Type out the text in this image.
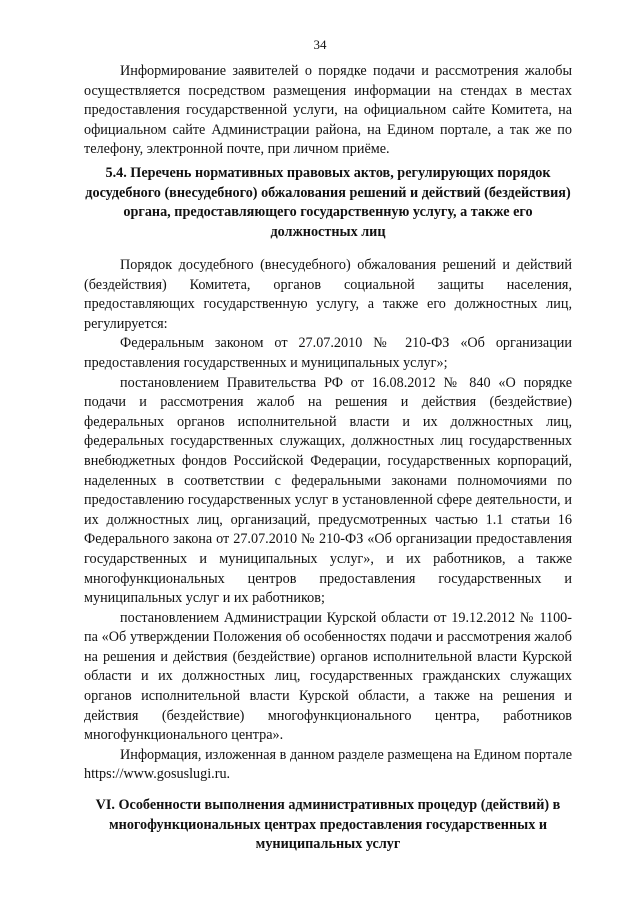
34

Информирование заявителей о порядке подачи и рассмотрения жалобы осуществляется посредством размещения информации на стендах в местах предоставления государственной услуги, на официальном сайте Комитета, на официальном сайте Администрации района, на Едином портале, а так же по телефону, электронной почте, при личном приёме.

5.4. Перечень нормативных правовых актов, регулирующих порядок досудебного (внесудебного) обжалования решений и действий (бездействия) органа, предоставляющего государственную услугу, а также его должностных лиц

Порядок досудебного (внесудебного) обжалования решений и действий (бездействия) Комитета, органов социальной защиты населения, предоставляющих государственную услугу, а также его должностных лиц, регулируется:

Федеральным законом от 27.07.2010 № 210-ФЗ «Об организации предоставления государственных и муниципальных услуг»;

постановлением Правительства РФ от 16.08.2012 № 840 «О порядке подачи и рассмотрения жалоб на решения и действия (бездействие) федеральных органов исполнительной власти и их должностных лиц, федеральных государственных служащих, должностных лиц государственных внебюджетных фондов Российской Федерации, государственных корпораций, наделенных в соответствии с федеральными законами полномочиями по предоставлению государственных услуг в установленной сфере деятельности, и их должностных лиц, организаций, предусмотренных частью 1.1 статьи 16 Федерального закона от 27.07.2010 № 210-ФЗ «Об организации предоставления государственных и муниципальных услуг», и их работников, а также многофункциональных центров предоставления государственных и муниципальных услуг и их работников;

постановлением Администрации Курской области от 19.12.2012 № 1100-па «Об утверждении Положения об особенностях подачи и рассмотрения жалоб на решения и действия (бездействие) органов исполнительной власти Курской области и их должностных лиц, государственных гражданских служащих органов исполнительной власти Курской области, а также на решения и действия (бездействие) многофункционального центра, работников многофункционального центра».

Информация, изложенная в данном разделе размещена на Едином портале https://www.gosuslugi.ru.

VI. Особенности выполнения административных процедур (действий) в многофункциональных центрах предоставления государственных и муниципальных услуг
